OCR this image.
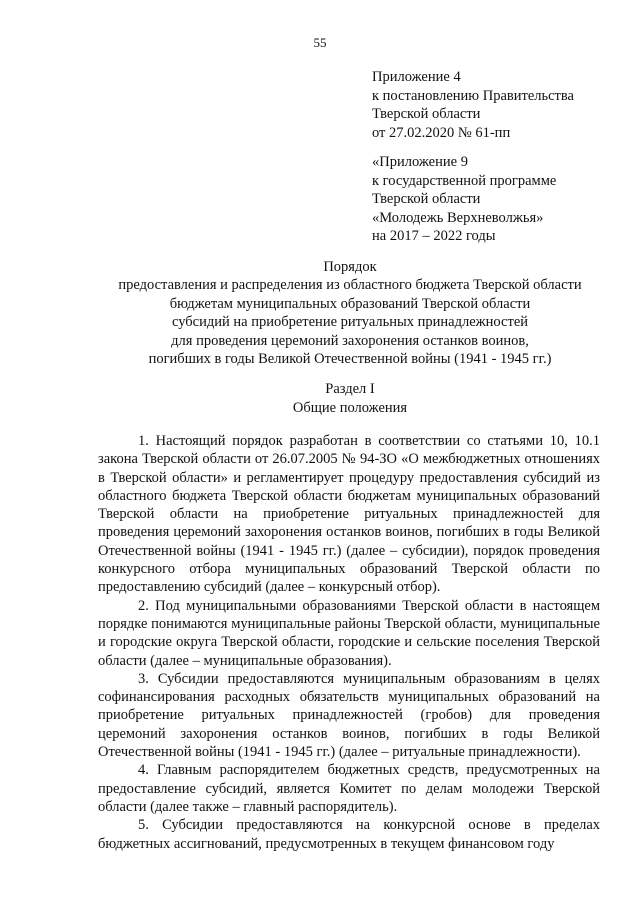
55
Приложение 4
к постановлению Правительства
Тверской области
от 27.02.2020 № 61-пп
«Приложение 9
к государственной программе
Тверской области
«Молодежь Верхневолжья»
на 2017 – 2022 годы
Порядок
предоставления и распределения из областного бюджета Тверской области
бюджетам муниципальных образований Тверской области
субсидий на приобретение ритуальных принадлежностей
для проведения церемоний захоронения останков воинов,
погибших в годы Великой Отечественной войны (1941 - 1945 гг.)
Раздел I
Общие положения

1. Настоящий порядок разработан в соответствии со статьями 10, 10.1 закона Тверской области от 26.07.2005 № 94-ЗО «О межбюджетных отношениях в Тверской области» и регламентирует процедуру предоставления субсидий из областного бюджета Тверской области бюджетам муниципальных образований Тверской области на приобретение ритуальных принадлежностей для проведения церемоний захоронения останков воинов, погибших в годы Великой Отечественной войны (1941 - 1945 гг.) (далее – субсидии), порядок проведения конкурсного отбора муниципальных образований Тверской области по предоставлению субсидий (далее – конкурсный отбор).

2. Под муниципальными образованиями Тверской области в настоящем порядке понимаются муниципальные районы Тверской области, муниципальные и городские округа Тверской области, городские и сельские поселения Тверской области (далее – муниципальные образования).

3. Субсидии предоставляются муниципальным образованиям в целях софинансирования расходных обязательств муниципальных образований на приобретение ритуальных принадлежностей (гробов) для проведения церемоний захоронения останков воинов, погибших в годы Великой Отечественной войны (1941 - 1945 гг.) (далее – ритуальные принадлежности).

4. Главным распорядителем бюджетных средств, предусмотренных на предоставление субсидий, является Комитет по делам молодежи Тверской области (далее также – главный распорядитель).

5. Субсидии предоставляются на конкурсной основе в пределах бюджетных ассигнований, предусмотренных в текущем финансовом году
